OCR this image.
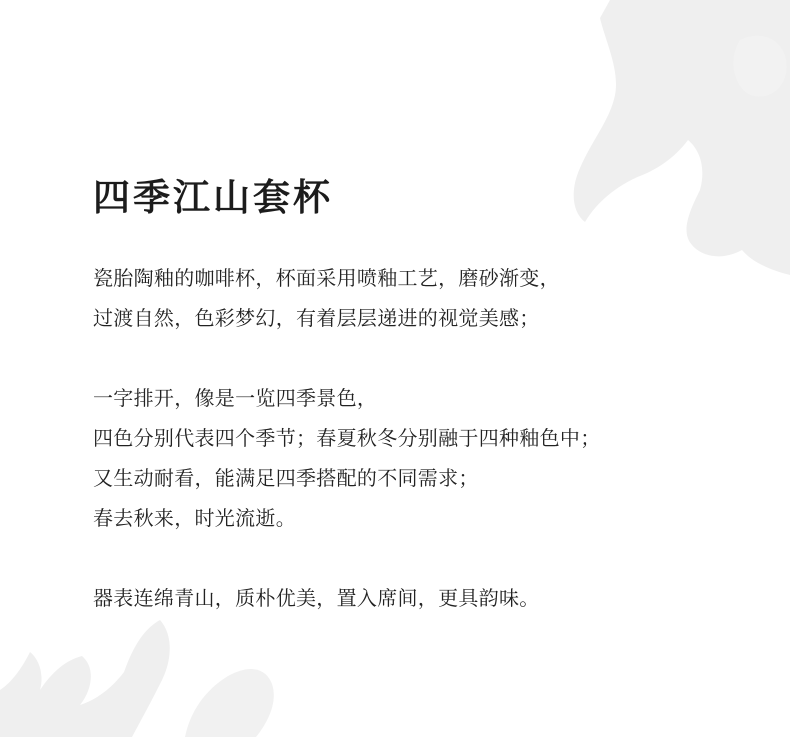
四季江山套杯
瓷胎陶釉的咖啡杯，杯面采用喷釉工艺，磨砂渐变，
过渡自然，色彩梦幻，有着层层递进的视觉美感；
一字排开，像是一览四季景色，
四色分别代表四个季节；春夏秋冬分别融于四种釉色中；
又生动耐看，能满足四季搭配的不同需求；
春去秋来，时光流逝。
器表连绵青山，质朴优美，置入席间，更具韵味。
